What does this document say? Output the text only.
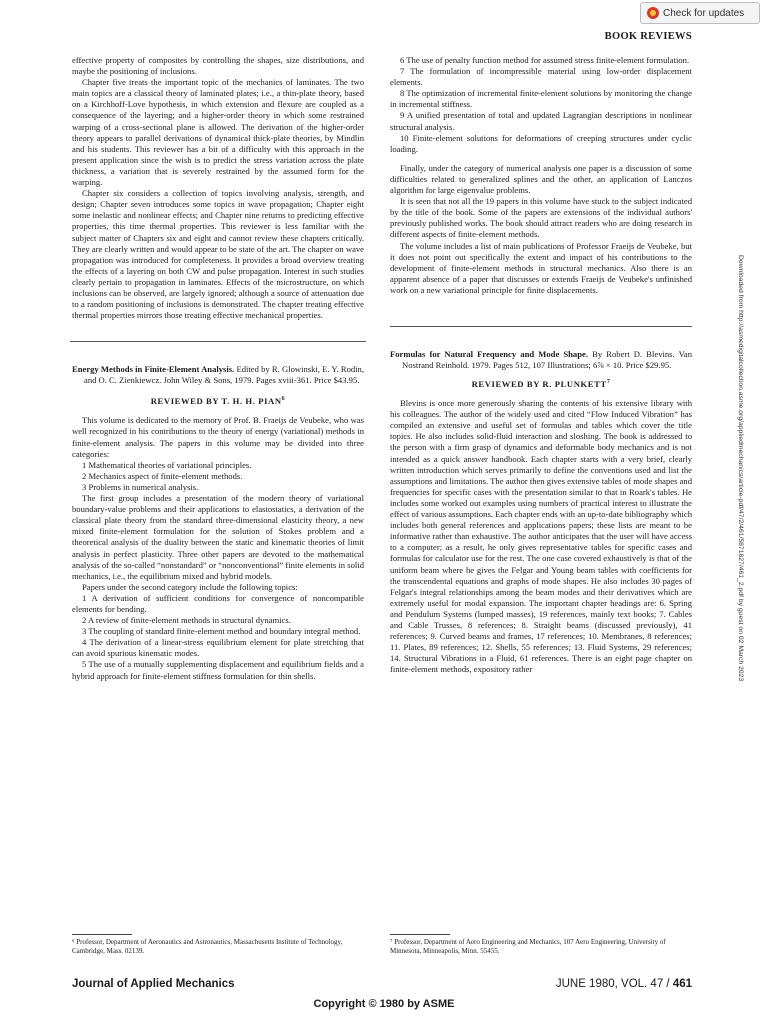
Check for updates
BOOK REVIEWS

effective property of composites by controlling the shapes, size distributions, and maybe the positioning of inclusions.

Chapter five treats the important topic of the mechanics of laminates. The two main topics are a classical theory of laminated plates; i.e., a thin-plate theory, based on a Kirchhoff-Love hypothesis, in which extension and flexure are coupled as a consequence of the layering; and a higher-order theory in which some restrained warping of a cross-sectional plane is allowed. The derivation of the higher-order theory appears to parallel derivations of dynamical thick-plate theories, by Mindlin and his students. This reviewer has a bit of a difficulty with this approach in the present application since the wish is to predict the stress variation across the plate thickness, a variation that is severely restrained by the assumed form for the warping.

Chapter six considers a collection of topics involving analysis, strength, and design; Chapter seven introduces some topics in wave propagation; Chapter eight some inelastic and nonlinear effects; and Chapter nine returns to predicting effective properties, this time thermal properties. This reviewer is less familiar with the subject matter of Chapters six and eight and cannot review these chapters critically. They are clearly written and would appear to be state of the art. The chapter on wave propagation was introduced for completeness. It provides a broad overview treating the effects of a layering on both CW and pulse propagation. Interest in such studies clearly pertain to propagation in laminates. Effects of the microstructure, on which inclusions can be observed, are largely ignored; although a source of attenuation due to a random positioning of inclusions is demonstrated. The chapter treating effective thermal properties mirrors those treating effective mechanical properties.

Energy Methods in Finite-Element Analysis. Edited by R. Glowinski, E. Y. Rodin, and O. C. Zienkiewcz. John Wiley & Sons, 1979. Pages xviii-361. Price $43.95.

REVIEWED BY T. H. H. PIAN$^6$

This volume is dedicated to the memory of Prof. B. Fraeijs de Veubeke, who was well recognized in his contributions to the theory of energy (variational) methods in finite-element analysis. The papers in this volume may be divided into three categories:

1 Mathematical theories of variational principles.

2 Mechanics aspect of finite-element methods.

3 Problems in numerical analysis.

The first group includes a presentation of the modern theory of variational boundary-value problems and their applications to elastostatics, a derivation of the classical plate theory from the standard three-dimensional elasticity theory, a new mixed finite-element formulation for the solution of Stokes problem and a theoretical analysis of the duality between the static and kinematic theories of limit analysis in perfect plasticity. Three other papers are devoted to the mathematical analysis of the so-called “nonstandard” or “nonconventional” finite elements in solid mechanics, i.e., the equilibrium mixed and hybrid models.

Papers under the second category include the following topics:

1 A derivation of sufficient conditions for convergence of noncompatible elements for bending.

2 A review of finite-element methods in structural dynamics.

3 The coupling of standard finite-element method and boundary integral method.

4 The derivation of a linear-stress equilibrium element for plate stretching that can avoid spurious kinematic modes.

5 The use of a mutually supplementing displacement and equilibrium fields and a hybrid approach for finite-element stiffness formulation for thin shells.

6 The use of penalty function method for assumed stress finite-element formulation.

7 The formulation of incompressible material using low-order displacement elements.

8 The optimization of incremental finite-element solutions by monitoring the change in incremental stiffness.

9 A unified presentation of total and updated Lagrangian descriptions in nonlinear structural analysis.

10 Finite-element solutions for deformations of creeping structures under cyclic loading.

Finally, under the category of numerical analysis one paper is a discussion of some difficulties related to generalized splines and the other, an application of Lanczos algorithm for large eigenvalue problems.

It is seen that not all the 19 papers in this volume have stuck to the subject indicated by the title of the book. Some of the papers are extensions of the individual authors' previously published works. The book should attract readers who are doing research in different aspects of finite-element methods.

The volume includes a list of main publications of Professor Fraeijs de Veubeke, but it does not point out specifically the extent and impact of his contributions to the development of finite-element methods in structural mechanics. Also there is an apparent absence of a paper that discusses or extends Fraeijs de Veubeke's unfinished work on a new variational principle for finite displacements.

Formulas for Natural Frequency and Mode Shape. By Robert D. Blevins. Van Nostrand Reinhold. 1979. Pages 512, 107 Illustrations; 6⅞ × 10. Price $29.95.

REVIEWED BY R. PLUNKETT$^7$

Blevins is once more generously sharing the contents of his extensive library with his colleagues. The author of the widely used and cited “Flow Induced Vibration” has compiled an extensive and useful set of formulas and tables which cover the title topics. He also includes solid-fluid interaction and sloshing. The book is addressed to the person with a firm grasp of dynamics and deformable body mechanics and is not intended as a quick answer handbook. Each chapter starts with a very brief, clearly written introduction which serves primarily to define the conventions used and list the assumptions and limitations. The author then gives extensive tables of mode shapes and frequencies for specific cases with the presentation similar to that in Roark's tables. He includes some worked out examples using numbers of practical interest to illustrate the effect of various assumptions. Each chapter ends with an up-to-date bibliography which includes both general references and applications papers; these lists are meant to be informative rather than exhaustive. The author anticipates that the user will have access to a computer; as a result, he only gives representative tables for specific cases and formulas for calculator use for the rest. The one case covered exhaustively is that of the uniform beam where he gives the Felgar and Young beam tables with coefficients for the transcendental equations and graphs of mode shapes. He also includes 30 pages of Felgar's integral relationships among the beam modes and their derivatives which are extremely useful for modal expansion. The important chapter headings are: 6. Spring and Pendulum Systems (lumped masses), 19 references, mainly text books; 7. Cables and Cable Trusses, 8 references; 8. Straight beams (discussed previously), 41 references; 9. Curved beams and frames, 17 references; 10. Membranes, 8 references; 11. Plates, 89 references; 12. Shells, 55 references; 13. Fluid Systems, 29 references; 14. Structural Vibrations in a Fluid, 61 references. There is an eight page chapter on finite-element methods, expository rather

⁶ Professor, Department of Aeronautics and Astronautics, Massachusetts Institute of Technology, Cambridge, Mass. 02139.
⁷ Professor, Department of Aero Engineering and Mechanics, 107 Aero Engineering, University of Minnesota, Minneapolis, Minn. 55455.
Journal of Applied Mechanics	JUNE 1980, VOL. 47 / 461
Copyright © 1980 by ASME
Downloaded from http://asmedigitalcollection.asme.org/appliedmechanics/article-pdf/47/2/461/5871627/461_2.pdf by guest on 02 March 2023
